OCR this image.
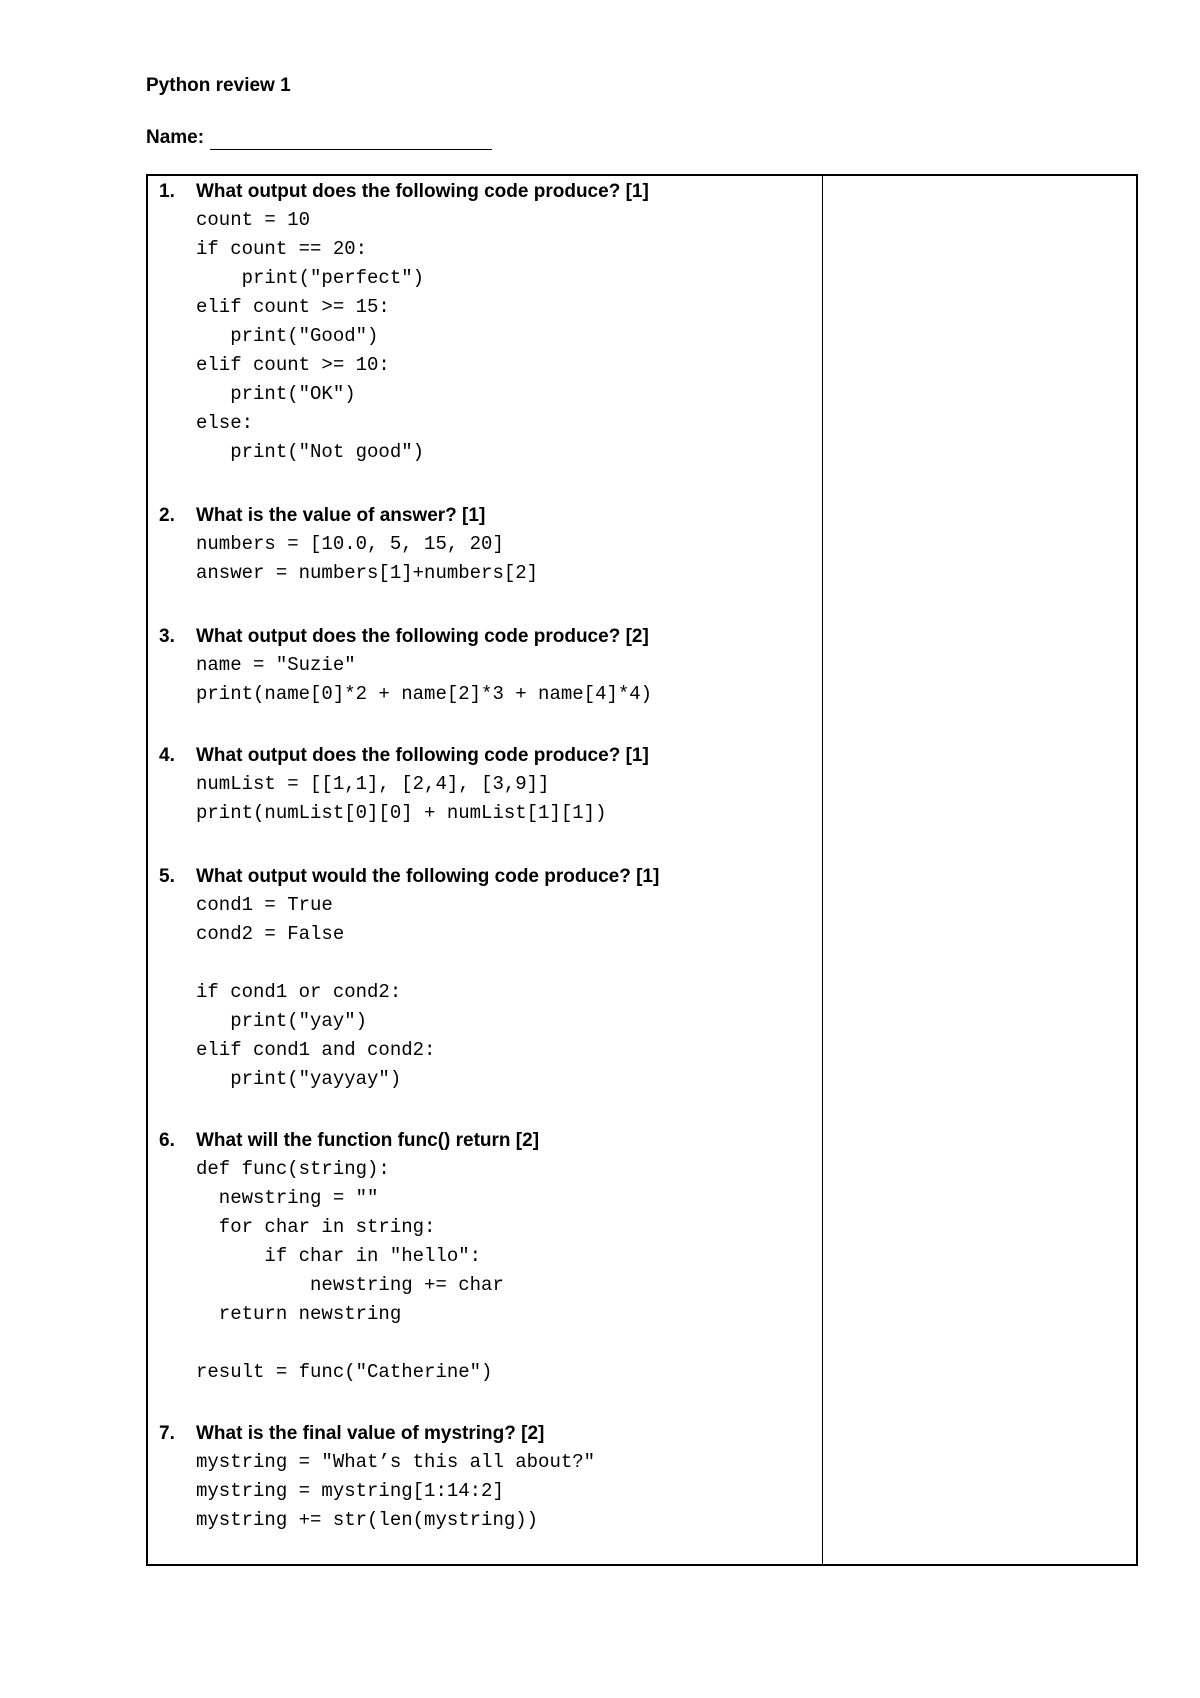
Python review 1
Name:
1. What output does the following code produce? [1]
count = 10
if count == 20:
print("perfect")
elif count >= 15:
print("Good")
elif count >= 10:
print("OK")
else:
print("Not good")
2. What is the value of answer? [1]
numbers = [10.0, 5, 15, 20]
answer = numbers[1]+numbers[2]
3. What output does the following code produce? [2]
name = "Suzie"
print(name[0]*2 + name[2]*3 + name[4]*4)
4. What output does the following code produce? [1]
numList = [[1,1], [2,4], [3,9]]
print(numList[0][0] + numList[1][1])
5. What output would the following code produce? [1]
cond1 = True
cond2 = False

if cond1 or cond2:
print("yay")
elif cond1 and cond2:
print("yayyay")
6. What will the function func() return [2]
def func(string):
newstring = ""
for char in string:
if char in "hello":
newstring += char
return newstring

result = func("Catherine")
7. What is the final value of mystring? [2]
mystring = "What’s this all about?"
mystring = mystring[1:14:2]
mystring += str(len(mystring))
